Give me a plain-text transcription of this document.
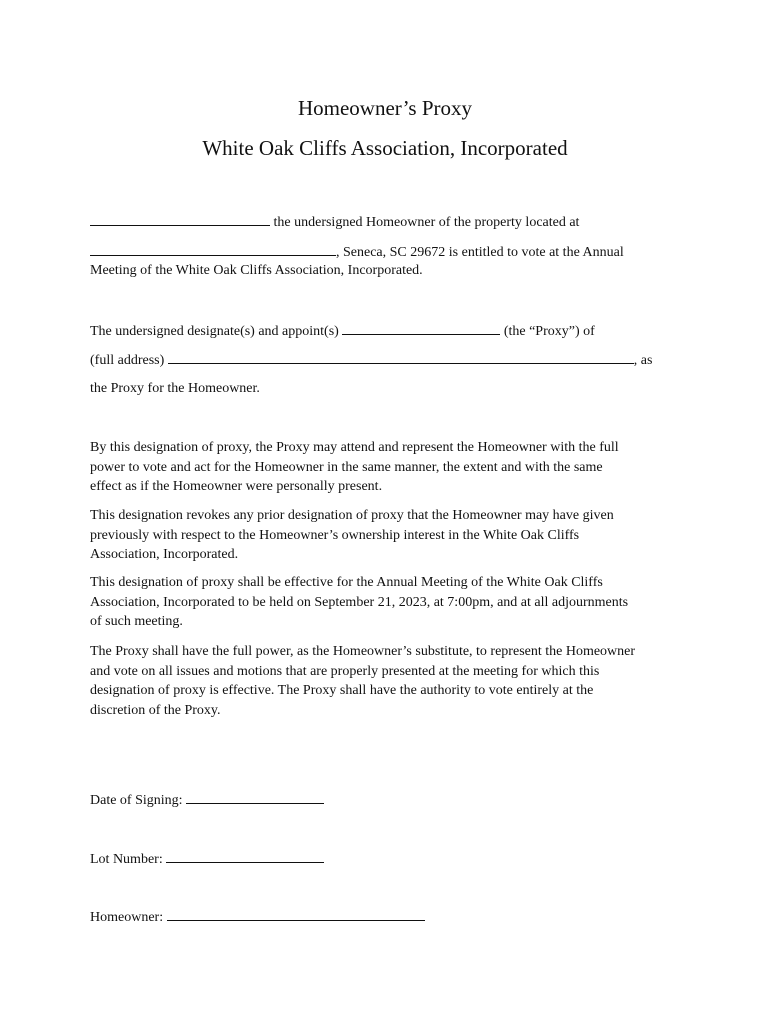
Homeowner’s Proxy
White Oak Cliffs Association, Incorporated
the undersigned Homeowner of the property located at
, Seneca, SC 29672 is entitled to vote at the Annual
Meeting of the White Oak Cliffs Association, Incorporated.
The undersigned designate(s) and appoint(s)	(the “Proxy”) of
(full address)	, as
the Proxy for the Homeowner.
By this designation of proxy, the Proxy may attend and represent the Homeowner with the full
power to vote and act for the Homeowner in the same manner, the extent and with the same
effect as if the Homeowner were personally present.
This designation revokes any prior designation of proxy that the Homeowner may have given
previously with respect to the Homeowner’s ownership interest in the White Oak Cliffs
Association, Incorporated.
This designation of proxy shall be effective for the Annual Meeting of the White Oak Cliffs
Association, Incorporated to be held on September 21, 2023, at 7:00pm, and at all adjournments
of such meeting.
The Proxy shall have the full power, as the Homeowner’s substitute, to represent the Homeowner
and vote on all issues and motions that are properly presented at the meeting for which this
designation of proxy is effective. The Proxy shall have the authority to vote entirely at the
discretion of the Proxy.
Date of Signing:
Lot Number:
Homeowner:
